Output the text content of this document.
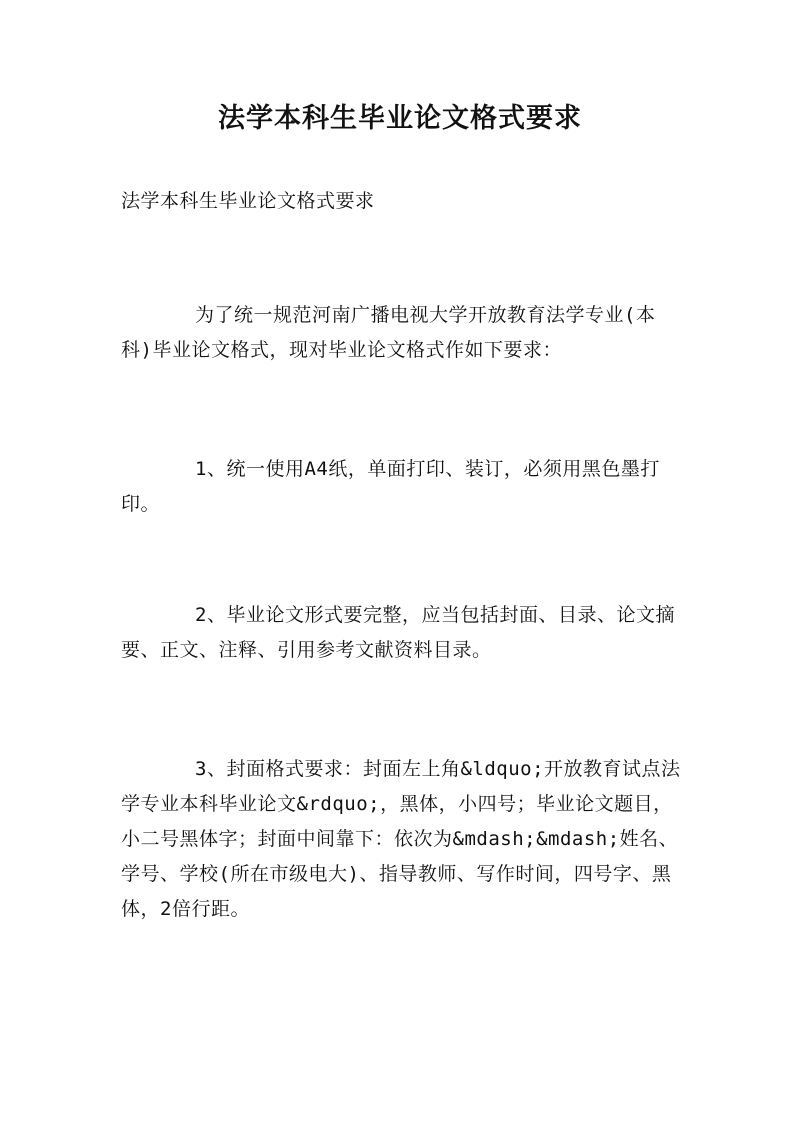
法学本科生毕业论文格式要求

法学本科生毕业论文格式要求

为了统一规范河南广播电视大学开放教育法学专业(本科)毕业论文格式，现对毕业论文格式作如下要求：

1、统一使用A4纸，单面打印、装订，必须用黑色墨打印。

2、毕业论文形式要完整，应当包括封面、目录、论文摘要、正文、注释、引用参考文献资料目录。

3、封面格式要求：封面左上角&ldquo;开放教育试点法学专业本科毕业论文&rdquo;，黑体，小四号；毕业论文题目，小二号黑体字；封面中间靠下：依次为&mdash;&mdash;姓名、学号、学校(所在市级电大)、指导教师、写作时间，四号字、黑体，2倍行距。
